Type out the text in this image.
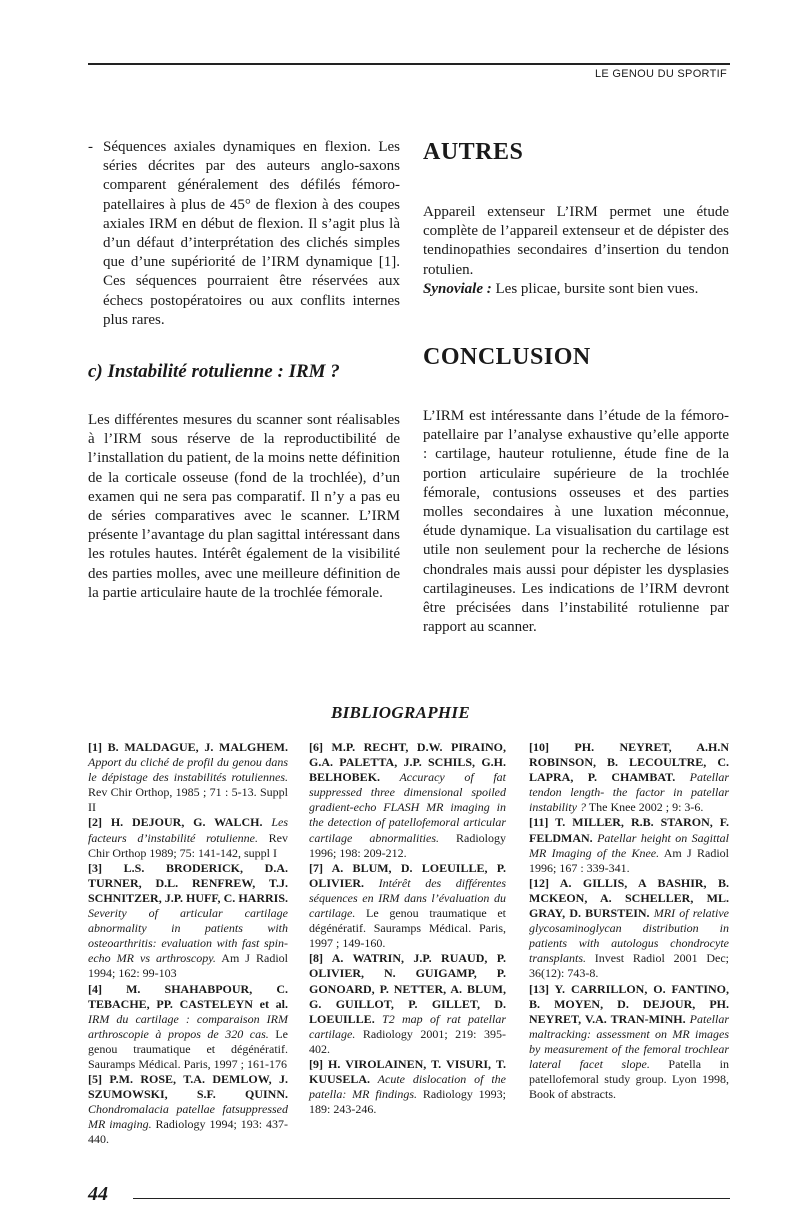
LE GENOU DU SPORTIF
- Séquences axiales dynamiques en flexion. Les séries décrites par des auteurs anglo-saxons comparent généralement des défilés fémoro-patellaires à plus de 45° de flexion à des coupes axiales IRM en début de flexion. Il s’agit plus là d’un défaut d’interprétation des clichés simples que d’une supériorité de l’IRM dynamique [1]. Ces séquences pourraient être réservées aux échecs postopératoires ou aux conflits internes plus rares.
c) Instabilité rotulienne : IRM ?
Les différentes mesures du scanner sont réalisables à l’IRM sous réserve de la reproductibilité de l’installation du patient, de la moins nette définition de la corticale osseuse (fond de la trochlée), d’un examen qui ne sera pas comparatif. Il n’y a pas eu de séries comparatives avec le scanner. L’IRM présente l’avantage du plan sagittal intéressant dans les rotules hautes. Intérêt également de la visibilité des parties molles, avec une meilleure définition de la partie articulaire haute de la trochlée fémorale.
AUTRES
Appareil extenseur L’IRM permet une étude complète de l’appareil extenseur et de dépister des tendinopathies secondaires d’insertion du tendon rotulien.
Synoviale : Les plicae, bursite sont bien vues.
CONCLUSION
L’IRM est intéressante dans l’étude de la fémoro-patellaire par l’analyse exhaustive qu’elle apporte : cartilage, hauteur rotulienne, étude fine de la portion articulaire supérieure de la trochlée fémorale, contusions osseuses et des parties molles secondaires à une luxation méconnue, étude dynamique. La visualisation du cartilage est utile non seulement pour la recherche de lésions chondrales mais aussi pour dépister les dysplasies cartilagineuses. Les indications de l’IRM devront être précisées dans l’instabilité rotulienne par rapport au scanner.
BIBLIOGRAPHIE
[1] B. MALDAGUE, J. MALGHEM. Apport du cliché de profil du genou dans le dépistage des instabilités rotuliennes. Rev Chir Orthop, 1985 ; 71 : 5-13. Suppl II
[2] H. DEJOUR, G. WALCH. Les facteurs d’instabilité rotulienne. Rev Chir Orthop 1989; 75: 141-142, suppl I
[3] L.S. BRODERICK, D.A. TURNER, D.L. RENFREW, T.J. SCHNITZER, J.P. HUFF, C. HARRIS. Severity of articular cartilage abnormality in patients with osteoarthritis: evaluation with fast spin-echo MR vs arthroscopy. Am J Radiol 1994; 162: 99-103
[4] M. SHAHABPOUR, C. TEBACHE, PP. CASTELEYN et al. IRM du cartilage : comparaison IRM arthroscopie à propos de 320 cas. Le genou traumatique et dégénératif. Sauramps Médical. Paris, 1997 ; 161-176
[5] P.M. ROSE, T.A. DEMLOW, J. SZUMOWSKI, S.F. QUINN. Chondromalacia patellae fatsuppressed MR imaging. Radiology 1994; 193: 437-440.
[6] M.P. RECHT, D.W. PIRAINO, G.A. PALETTA, J.P. SCHILS, G.H. BELHOBEK. Accuracy of fat suppressed three dimensional spoiled gradient-echo FLASH MR imaging in the detection of patellofemoral articular cartilage abnormalities. Radiology 1996; 198: 209-212.
[7] A. BLUM, D. LOEUILLE, P. OLIVIER. Intérêt des différentes séquences en IRM dans l’évaluation du cartilage. Le genou traumatique et dégénératif. Sauramps Médical. Paris, 1997 ; 149-160.
[8] A. WATRIN, J.P. RUAUD, P. OLIVIER, N. GUIGAMP, P. GONOARD, P. NETTER, A. BLUM, G. GUILLOT, P. GILLET, D. LOEUILLE. T2 map of rat patellar cartilage. Radiology 2001; 219: 395-402.
[9] H. VIROLAINEN, T. VISURI, T. KUUSELA. Acute dislocation of the patella: MR findings. Radiology 1993; 189: 243-246.
[10] PH. NEYRET, A.H.N ROBINSON, B. LECOULTRE, C. LAPRA, P. CHAMBAT. Patellar tendon length- the factor in patellar instability ? The Knee 2002 ; 9: 3-6.
[11] T. MILLER, R.B. STARON, F. FELDMAN. Patellar height on Sagittal MR Imaging of the Knee. Am J Radiol 1996; 167 : 339-341.
[12] A. GILLIS, A BASHIR, B. MCKEON, A. SCHELLER, ML. GRAY, D. BURSTEIN. MRI of relative glycosaminoglycan distribution in patients with autologus chondrocyte transplants. Invest Radiol 2001 Dec; 36(12): 743-8.
[13] Y. CARRILLON, O. FANTINO, B. MOYEN, D. DEJOUR, PH. NEYRET, V.A. TRAN-MINH. Patellar maltracking: assessment on MR images by measurement of the femoral trochlear lateral facet slope. Patella in patellofemoral study group. Lyon 1998, Book of abstracts.
44
